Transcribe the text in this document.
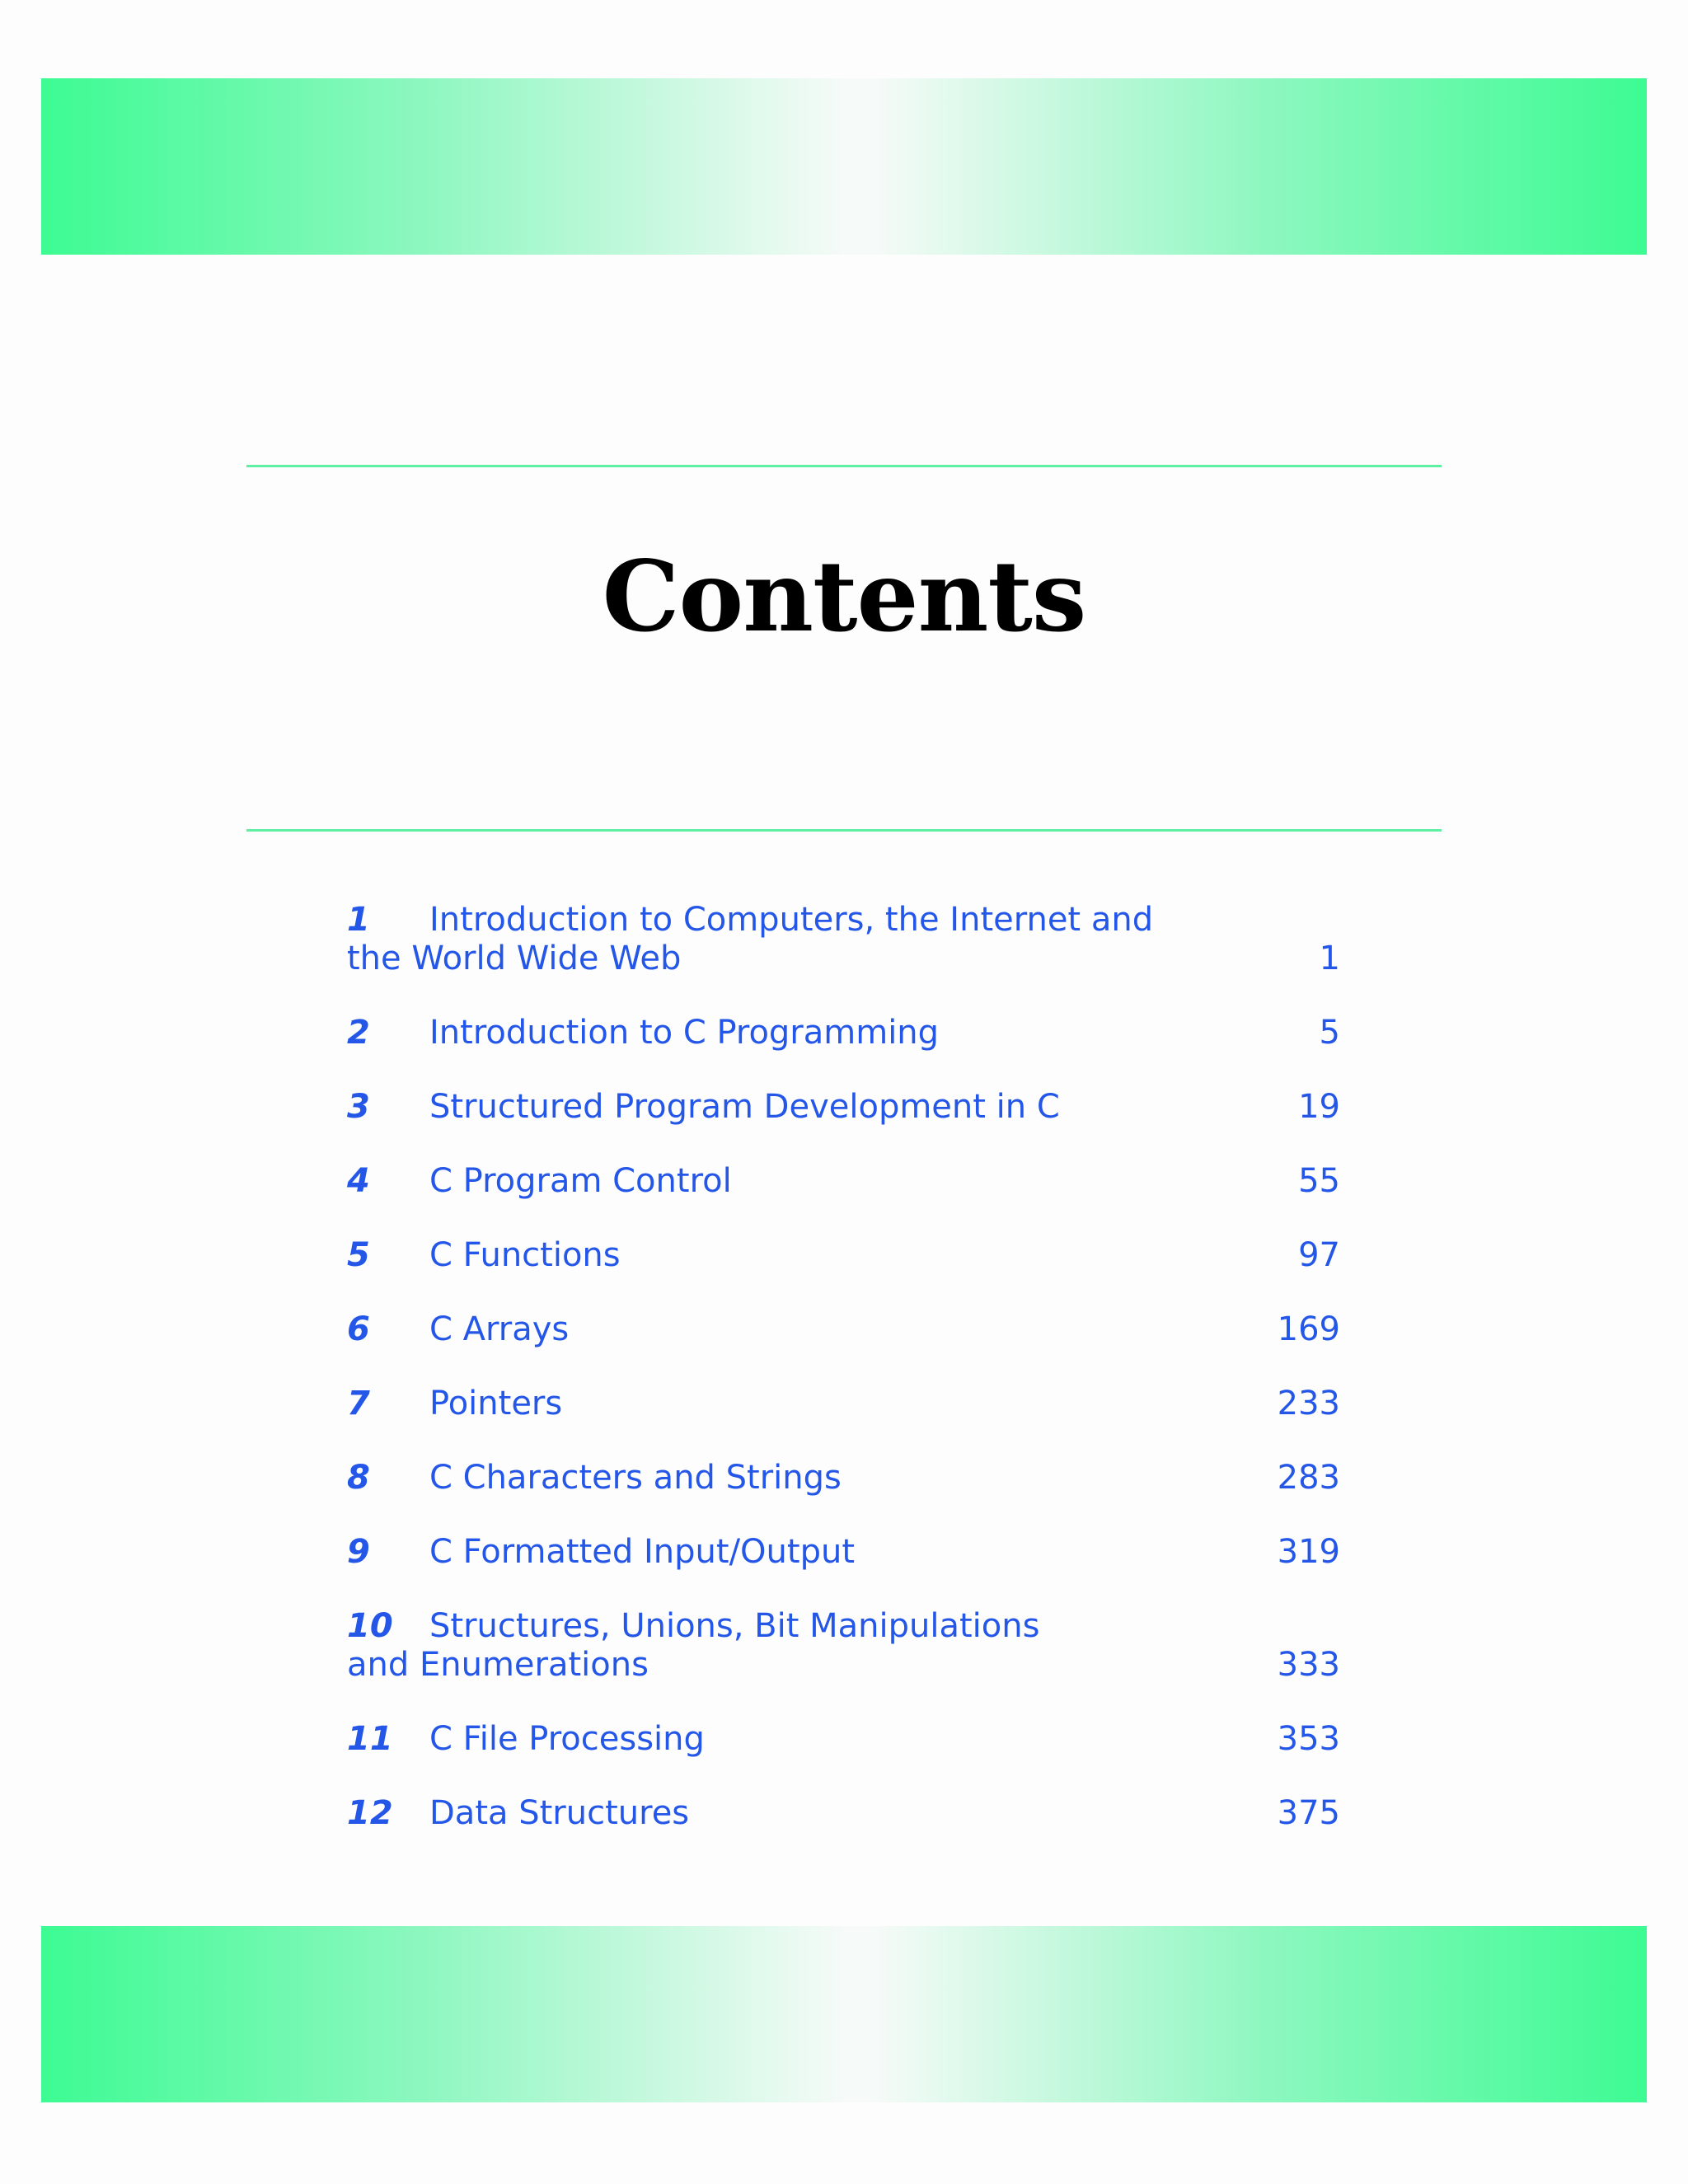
Contents
1 Introduction to Computers, the Internet and
the World Wide Web	1
2 Introduction to C Programming	5
3 Structured Program Development in C	19
4 C Program Control	55
5 C Functions	97
6 C Arrays	169
7 Pointers	233
8 C Characters and Strings	283
9 C Formatted Input/Output	319
10 Structures, Unions, Bit Manipulations
and Enumerations	333
11 C File Processing	353
12 Data Structures	375
